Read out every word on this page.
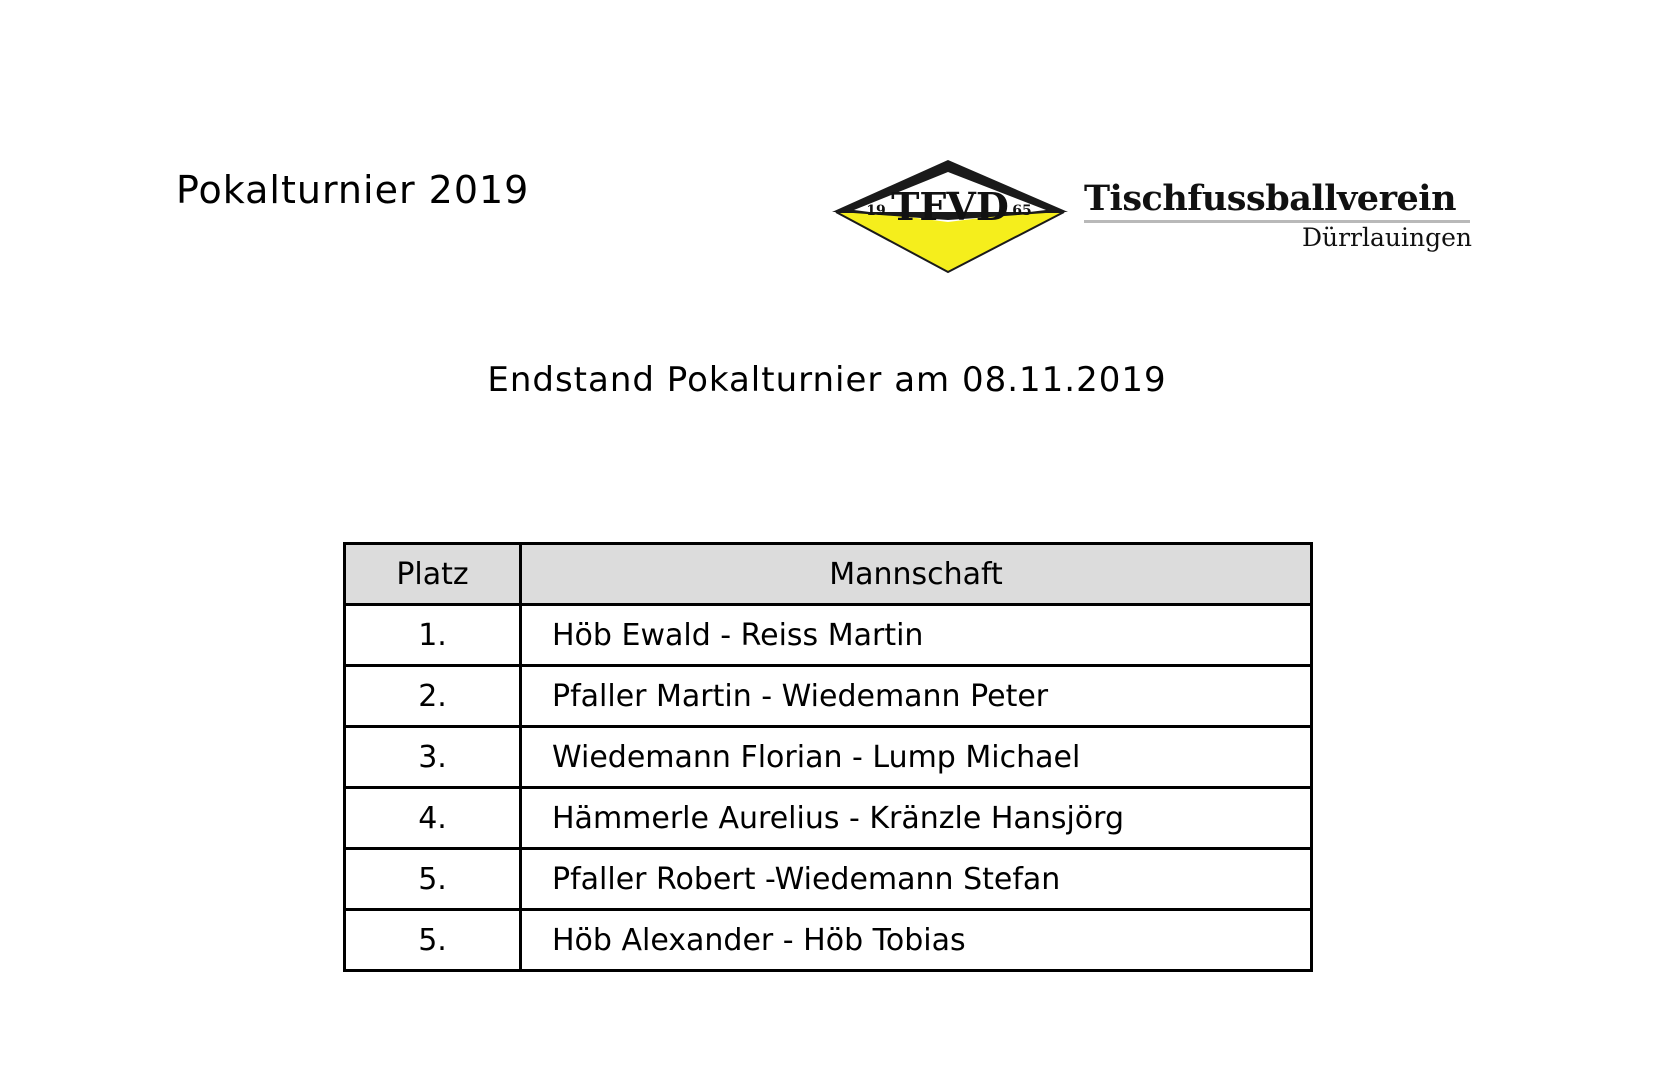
Pokalturnier 2019	TFVD
19	65 Tischfussballverein
Dürrlauingen
Endstand Pokalturnier am 08.11.2019
Platz	Mannschaft
1.	Höb Ewald - Reiss Martin
2.	Pfaller Martin - Wiedemann Peter
3.	Wiedemann Florian - Lump Michael
4.	Hämmerle Aurelius - Kränzle Hansjörg
5.	Pfaller Robert -Wiedemann Stefan
5.	Höb Alexander - Höb Tobias
